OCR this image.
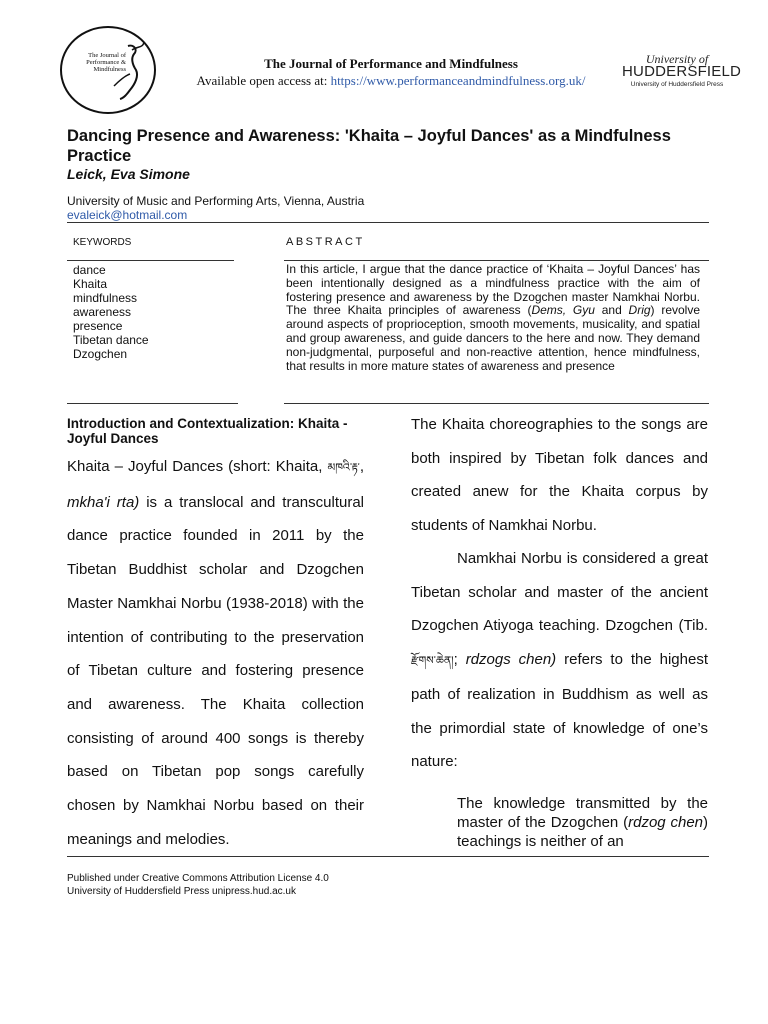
The Journal of Performance & Mindfulness	The Journal of Performance and Mindfulness
Available open access at: https://www.performanceandmindfulness.org.uk/
University of
HUDDERSFIELD
University of Huddersfield Press
Dancing Presence and Awareness: 'Khaita – Joyful Dances' as a Mindfulness Practice
Leick, Eva Simone
University of Music and Performing Arts, Vienna, Austria
evaleick@hotmail.com
KEYWORDS
dance
Khaita
mindfulness
awareness
presence
Tibetan dance
Dzogchen
ABSTRACT
In this article, I argue that the dance practice of ‘Khaita – Joyful Dances’ has been intentionally designed as a mindfulness practice with the aim of fostering presence and awareness by the Dzogchen master Namkhai Norbu. The three Khaita principles of awareness (Dems, Gyu and Drig) revolve around aspects of proprioception, smooth movements, musicality, and spatial and group awareness, and guide dancers to the here and now. They demand non-judgmental, purposeful and non-reactive attention, hence mindfulness, that results in more mature states of awareness and presence
Introduction and Contextualization: Khaita - Joyful Dances

Khaita – Joyful Dances (short: Khaita, མཁའི་རྟ་, mkha'i rta) is a translocal and transcultural dance practice founded in 2011 by the Tibetan Buddhist scholar and Dzogchen Master Namkhai Norbu (1938-2018) with the intention of contributing to the preservation of Tibetan culture and fostering presence and awareness. The Khaita collection consisting of around 400 songs is thereby based on Tibetan pop songs carefully chosen by Namkhai Norbu based on their meanings and melodies.

The Khaita choreographies to the songs are both inspired by Tibetan folk dances and created anew for the Khaita corpus by students of Namkhai Norbu.

Namkhai Norbu is considered a great Tibetan scholar and master of the ancient Dzogchen Atiyoga teaching. Dzogchen (Tib. རྫོགས་ཆེན།; rdzogs chen) refers to the highest path of realization in Buddhism as well as the primordial state of knowledge of one’s nature:

The knowledge transmitted by the master of the Dzogchen (rdzog chen) teachings is neither of an
Published under Creative Commons Attribution License 4.0
University of Huddersfield Press unipress.hud.ac.uk
